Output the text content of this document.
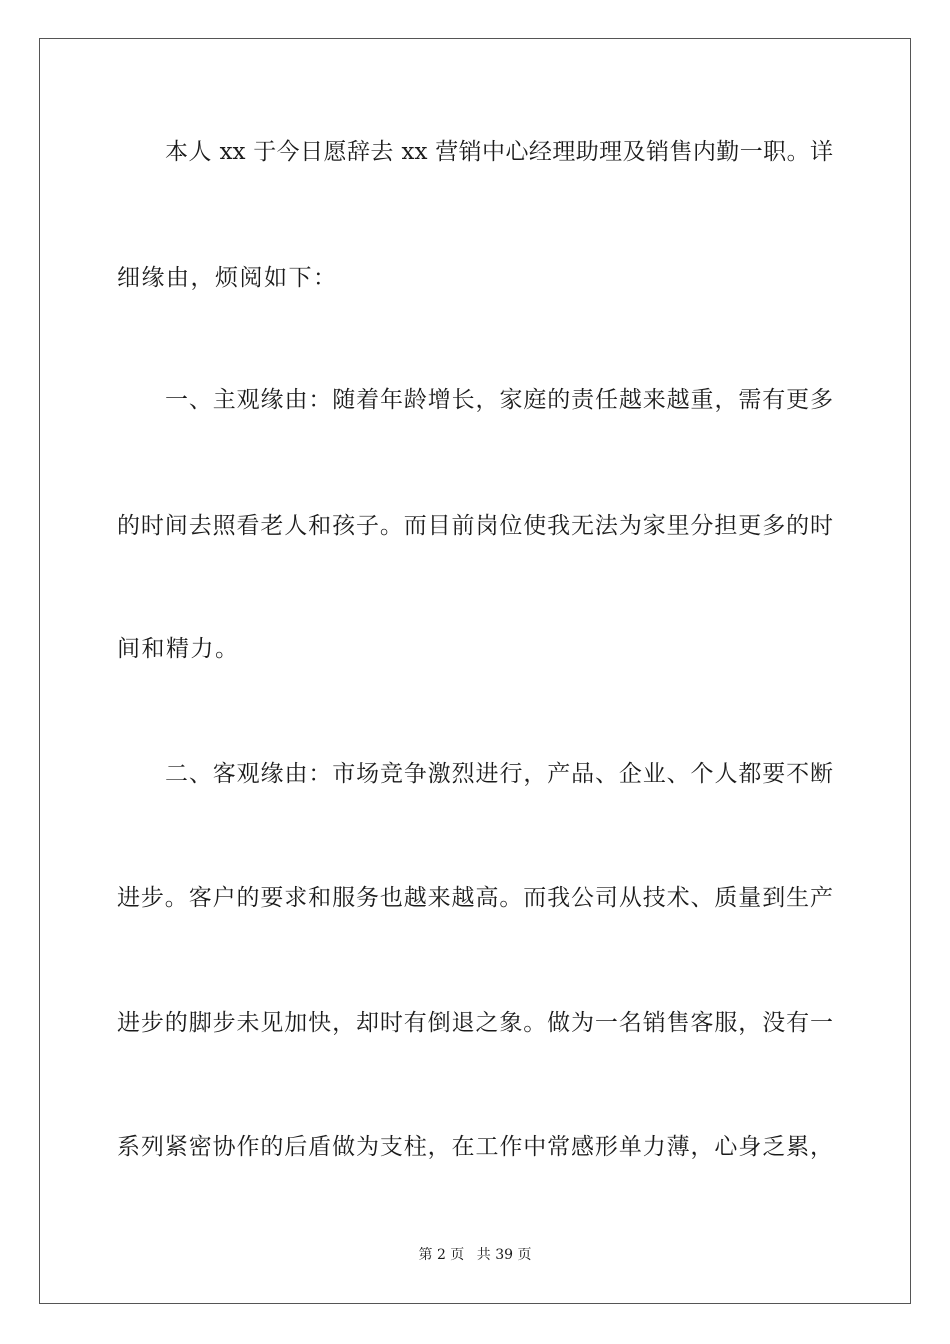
本人 xx 于今日愿辞去 xx 营销中心经理助理及销售内勤一职。详
细缘由，烦阅如下：
一、主观缘由：随着年龄增长，家庭的责任越来越重，需有更多
的时间去照看老人和孩子。而目前岗位使我无法为家里分担更多的时
间和精力。
二、客观缘由：市场竞争激烈进行，产品、企业、个人都要不断
进步。客户的要求和服务也越来越高。而我公司从技术、质量到生产
进步的脚步未见加快，却时有倒退之象。做为一名销售客服，没有一
系列紧密协作的后盾做为支柱，在工作中常感形单力薄，心身乏累，
第 2 页 共 39 页
